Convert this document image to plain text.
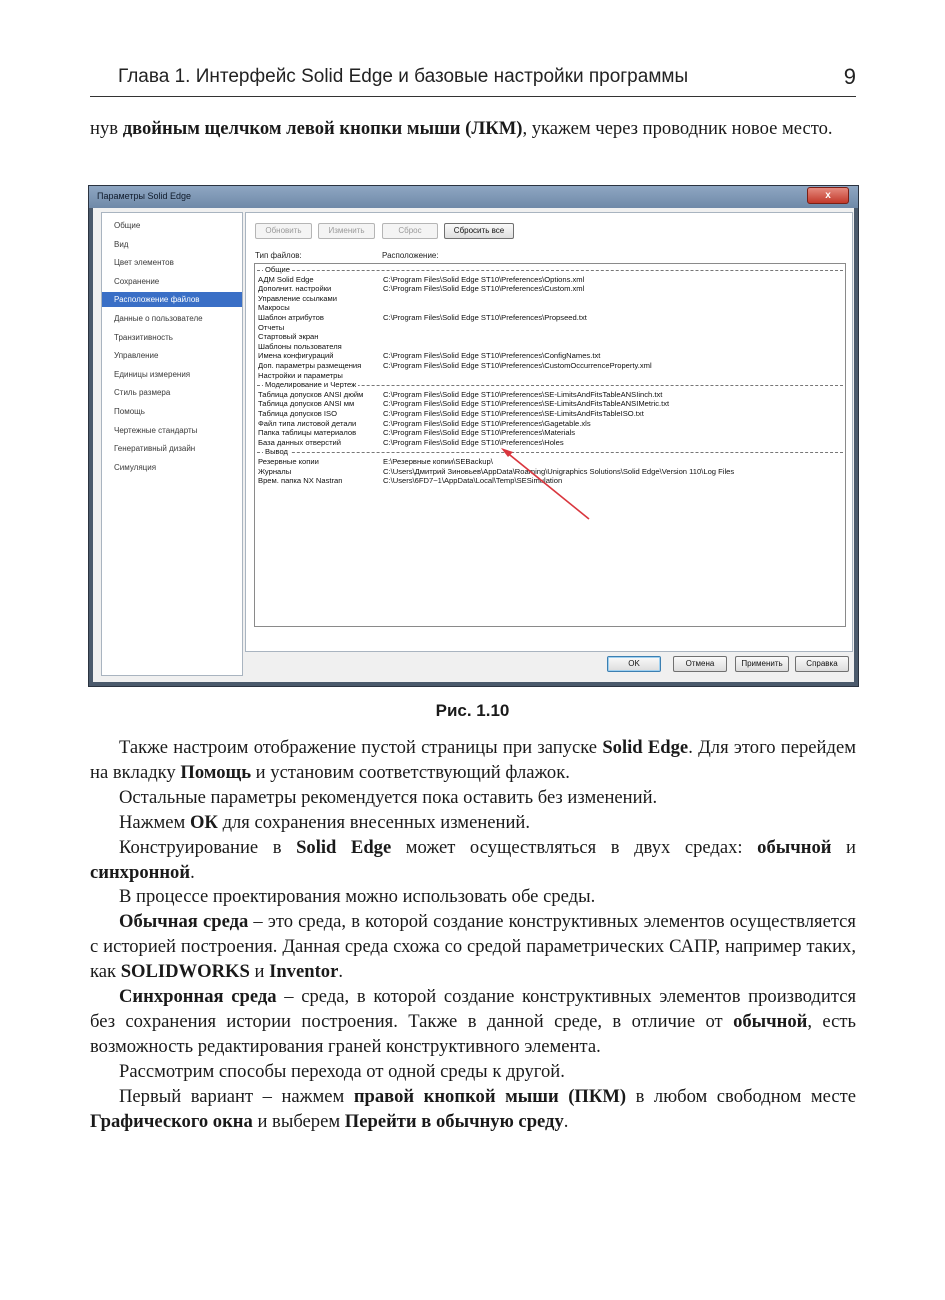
Глава 1. Интерфейс Solid Edge и базовые настройки программы	9
нув двойным щелчком левой кнопки мыши (ЛКМ), укажем через проводник новое место.
Параметры Solid Edge	x
Общие
Вид
Цвет элементов
Сохранение
Расположение файлов
Данные о пользователе
Транзитивность
Управление
Единицы измерения
Стиль размера
Помощь
Чертежные стандарты
Генеративный дизайн
Симуляция
Обновить	Изменить	Сброс	Сбросить все
Тип файлов:	Расположение:
Общие
АДМ Solid Edge	C:\Program Files\Solid Edge ST10\Preferences\Options.xml
Дополнит. настройки	C:\Program Files\Solid Edge ST10\Preferences\Custom.xml
Управление ссылками
Макросы
Шаблон атрибутов	C:\Program Files\Solid Edge ST10\Preferences\Propseed.txt
Отчеты
Стартовый экран
Шаблоны пользователя
Имена конфигураций	C:\Program Files\Solid Edge ST10\Preferences\ConfigNames.txt
Доп. параметры размещения	C:\Program Files\Solid Edge ST10\Preferences\CustomOccurrenceProperty.xml
Настройки и параметры
Моделирование и Чертеж
Таблица допусков ANSI дюйм	C:\Program Files\Solid Edge ST10\Preferences\SE-LimitsAndFitsTableANSIinch.txt
Таблица допусков ANSI мм	C:\Program Files\Solid Edge ST10\Preferences\SE-LimitsAndFitsTableANSIMetric.txt
Таблица допусков ISO	C:\Program Files\Solid Edge ST10\Preferences\SE-LimitsAndFitsTableISO.txt
Файл типа листовой детали	C:\Program Files\Solid Edge ST10\Preferences\Gagetable.xls
Папка таблицы материалов	C:\Program Files\Solid Edge ST10\Preferences\Materials
База данных отверстий	C:\Program Files\Solid Edge ST10\Preferences\Holes
Вывод
Резервные копии	E:\Резервные копии\SEBackup\
Журналы	C:\Users\Дмитрий Зиновьев\AppData\Roaming\Unigraphics Solutions\Solid Edge\Version 110\Log Files
Врем. папка NX Nastran	C:\Users\6FD7~1\AppData\Local\Temp\SESimulation
OK	Отмена	Применить	Справка
Рис. 1.10

Также настроим отображение пустой страницы при запуске Solid Edge. Для этого перейдем на вкладку Помощь и установим соответствующий флажок.

Остальные параметры рекомендуется пока оставить без изменений.

Нажмем ОК для сохранения внесенных изменений.

Конструирование в Solid Edge может осуществляться в двух средах: обычной и синхронной.

В процессе проектирования можно использовать обе среды.

Обычная среда – это среда, в которой создание конструктивных элементов осуществляется с историей построения. Данная среда схожа со средой параметрических САПР, например таких, как SOLIDWORKS и Inventor.

Синхронная среда – среда, в которой создание конструктивных элементов производится без сохранения истории построения. Также в данной среде, в отличие от обычной, есть возможность редактирования граней конструктивного элемента.

Рассмотрим способы перехода от одной среды к другой.

Первый вариант – нажмем правой кнопкой мыши (ПКМ) в любом свободном месте Графического окна и выберем Перейти в обычную среду.
